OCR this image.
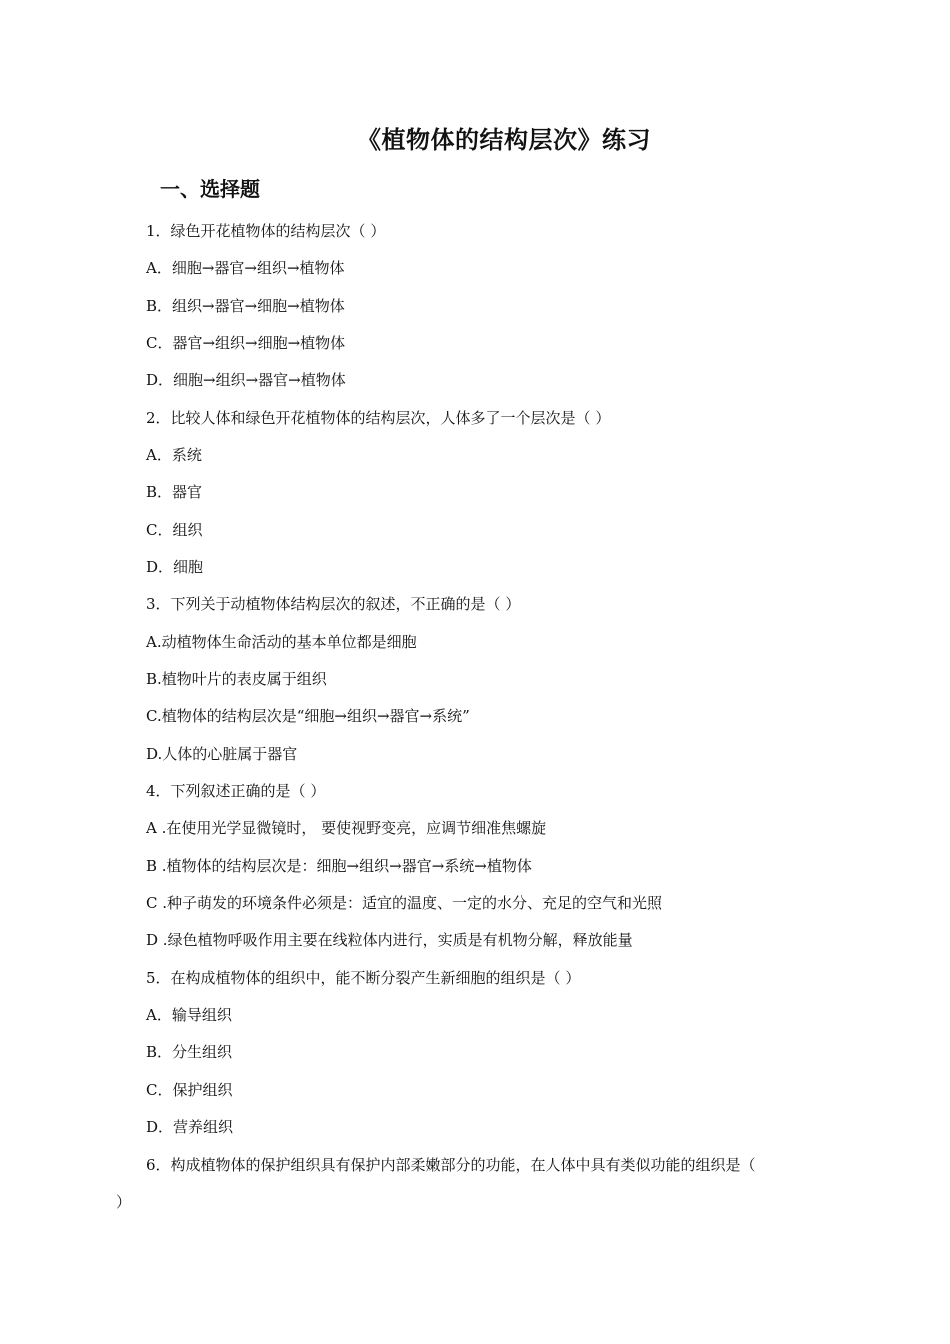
《植物体的结构层次》练习
一、选择题
1．绿色开花植物体的结构层次（ ）
A．细胞→器官→组织→植物体
B．组织→器官→细胞→植物体
C．器官→组织→细胞→植物体
D．细胞→组织→器官→植物体
2．比较人体和绿色开花植物体的结构层次，人体多了一个层次是（ ）
A．系统
B．器官
C．组织
D．细胞
3．下列关于动植物体结构层次的叙述，不正确的是（ ）
A.动植物体生命活动的基本单位都是细胞
B.植物叶片的表皮属于组织
C.植物体的结构层次是“细胞→组织→器官→系统”
D.人体的心脏属于器官
4．下列叙述正确的是（ ）
A .在使用光学显微镜时， 要使视野变亮，应调节细准焦螺旋
B .植物体的结构层次是：细胞→组织→器官→系统→植物体
C .种子萌发的环境条件必须是：适宜的温度、一定的水分、充足的空气和光照
D .绿色植物呼吸作用主要在线粒体内进行，实质是有机物分解，释放能量
5．在构成植物体的组织中，能不断分裂产生新细胞的组织是（ ）
A．输导组织
B．分生组织
C．保护组织
D．营养组织
6．构成植物体的保护组织具有保护内部柔嫩部分的功能，在人体中具有类似功能的组织是（
）
